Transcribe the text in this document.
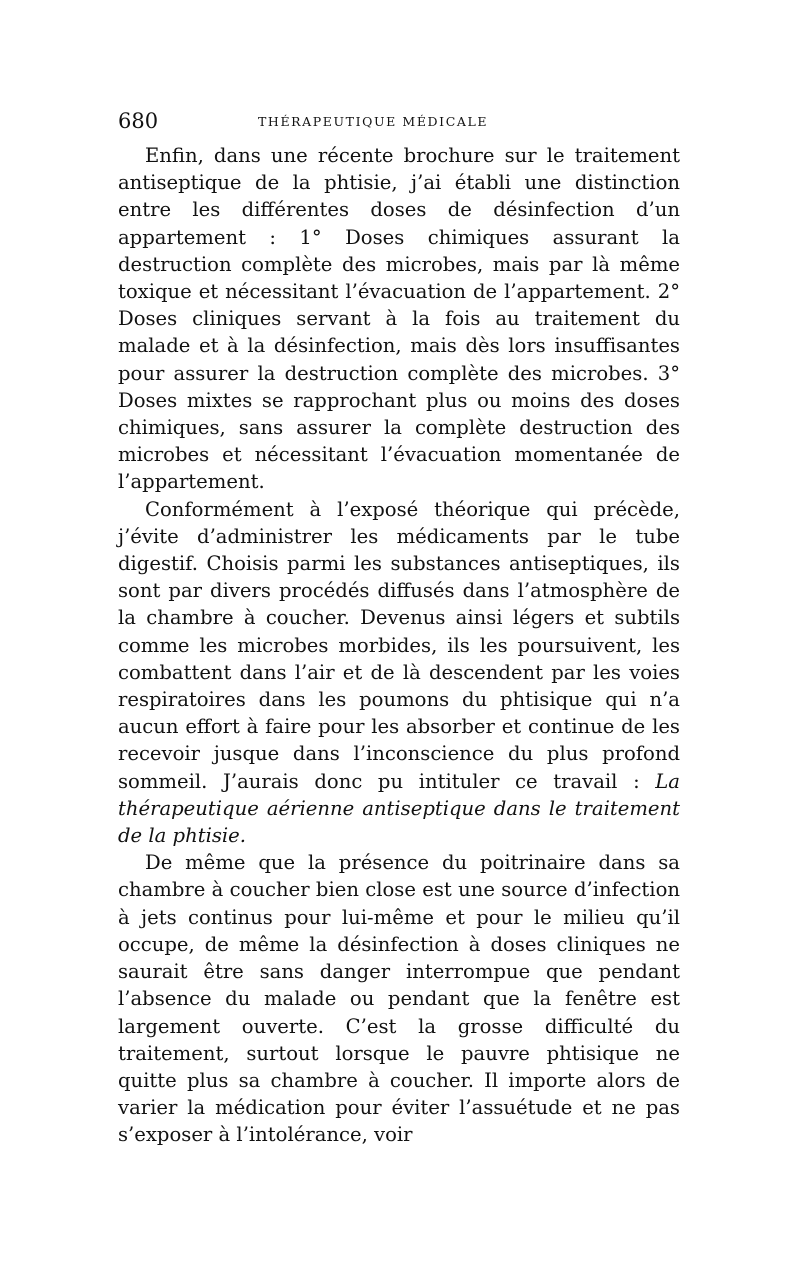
680	THÉRAPEUTIQUE MÉDICALE

Enfin, dans une récente brochure sur le traitement antiseptique de la phtisie, j’ai établi une distinction entre les différentes doses de désinfection d’un appartement : 1° Doses chimiques assurant la destruction complète des microbes, mais par là même toxique et nécessitant l’évacuation de l’appartement. 2° Doses cliniques servant à la fois au traitement du malade et à la désinfection, mais dès lors insuffisantes pour assurer la destruction complète des microbes. 3° Doses mixtes se rapprochant plus ou moins des doses chimiques, sans assurer la complète destruction des microbes et nécessitant l’évacuation momentanée de l’appartement.

Conformément à l’exposé théorique qui précède, j’évite d’administrer les médicaments par le tube digestif. Choisis parmi les substances antiseptiques, ils sont par divers procédés diffusés dans l’atmosphère de la chambre à coucher. Devenus ainsi légers et subtils comme les microbes morbides, ils les poursuivent, les combattent dans l’air et de là descendent par les voies respiratoires dans les poumons du phtisique qui n’a aucun effort à faire pour les absorber et continue de les recevoir jusque dans l’inconscience du plus profond sommeil. J’aurais donc pu intituler ce travail : La thérapeutique aérienne antiseptique dans le traitement de la phtisie.

De même que la présence du poitrinaire dans sa chambre à coucher bien close est une source d’infection à jets continus pour lui-même et pour le milieu qu’il occupe, de même la désinfection à doses cliniques ne saurait être sans danger interrompue que pendant l’absence du malade ou pendant que la fenêtre est largement ouverte. C’est la grosse difficulté du traitement, surtout lorsque le pauvre phtisique ne quitte plus sa chambre à coucher. Il importe alors de varier la médication pour éviter l’assuétude et ne pas s’exposer à l’intolérance, voir
